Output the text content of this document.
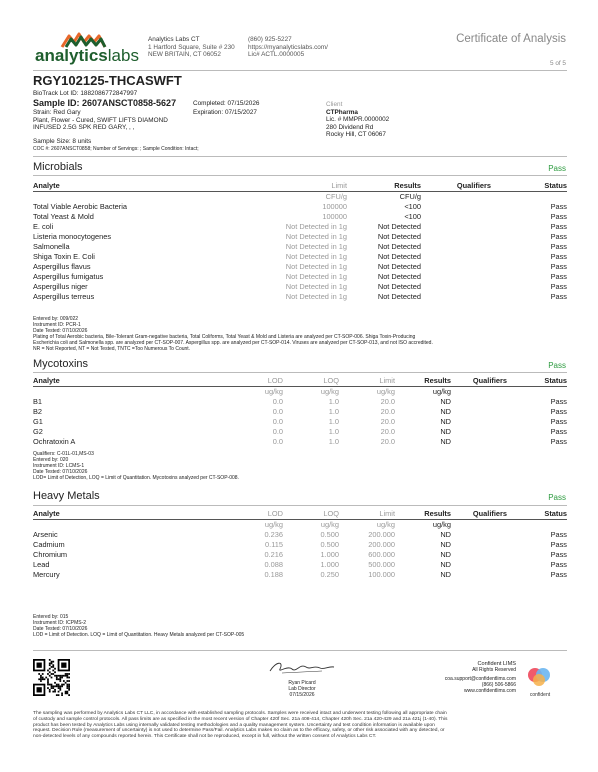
analyticslabs
Analytics Labs CT
1 Hartford Square, Suite # 230
NEW BRITAIN, CT 06052
(860) 925-5227
https://myanalyticslabs.com/
Lic# ACTL.0000005
Certificate of Analysis
5 of 5
RGY102125-THCASWFT
BioTrack Lot ID: 1882086772847997
Sample ID: 2607ANSCT0858-5627	Completed: 07/15/2026
Expiration: 07/15/2027
Strain: Red Gary
Plant, Flower - Cured, SWIFT LIFTS DIAMOND
INFUSED 2.5G SPK RED GARY, , ,
Sample Size: 8 units
COC #: 2607ANSCT0858; Number of Servings: ; Sample Condition: Intact;
Client
CTPharma
Lic. # MMPR.0000002
280 Dividend Rd
Rocky Hill, CT 06067
Microbials	Pass
Analyte	Limit	Results	Qualifiers	Status
	CFU/g	CFU/g		
Total Viable Aerobic Bacteria	100000	<100		Pass
Total Yeast & Mold	100000	<100		Pass
E. coli	Not Detected in 1g	Not Detected		Pass
Listeria monocytogenes	Not Detected in 1g	Not Detected		Pass
Salmonella	Not Detected in 1g	Not Detected		Pass
Shiga Toxin E. Coli	Not Detected in 1g	Not Detected		Pass
Aspergillus flavus	Not Detected in 1g	Not Detected		Pass
Aspergillus fumigatus	Not Detected in 1g	Not Detected		Pass
Aspergillus niger	Not Detected in 1g	Not Detected		Pass
Aspergillus terreus	Not Detected in 1g	Not Detected		Pass
Entered by: 009/022
Instrument ID: PCR-1
Date Tested: 07/10/2026
Plating of Total Aerobic bacteria, Bile-Tolerant Gram-negative bacteria, Total Coliforms, Total Yeast & Mold and Listeria are analyzed per CT-SOP-006. Shiga Toxin-Producing
Escherichia coli and Salmonella spp. are analyzed per CT-SOP-007. Aspergillus spp. are analyzed per CT-SOP-014. Viruses are analyzed per CT-SOP-013, and not ISO accredited.
NR = Not Reported, NT = Not Tested, TNTC =Too Numerous To Count.
Mycotoxins	Pass
Analyte	LOD	LOQ	Limit	Results	Qualifiers	Status
	ug/kg	ug/kg	ug/kg	ug/kg		
B1	0.0	1.0	20.0	ND		Pass
B2	0.0	1.0	20.0	ND		Pass
G1	0.0	1.0	20.0	ND		Pass
G2	0.0	1.0	20.0	ND		Pass
Ochratoxin A	0.0	1.0	20.0	ND		Pass
Qualifiers: C-01L-01,MS-03
Entered by: 020
Instrument ID: LCMS-1
Date Tested: 07/10/2026
LOD= Limit of Detection, LOQ = Limit of Quantitation. Mycotoxins analyzed per CT-SOP-008.
Heavy Metals	Pass
Analyte	LOD	LOQ	Limit	Results	Qualifiers	Status
	ug/kg	ug/kg	ug/kg	ug/kg		
Arsenic	0.236	0.500	200.000	ND		Pass
Cadmium	0.115	0.500	200.000	ND		Pass
Chromium	0.216	1.000	600.000	ND		Pass
Lead	0.088	1.000	500.000	ND		Pass
Mercury	0.188	0.250	100.000	ND		Pass
Entered by: 015
Instrument ID: ICPMS-2
Date Tested: 07/10/2026
LOD = Limit of Detection. LOQ = Limit of Quantitation. Heavy Metals analyzed per CT-SOP-005
Ryan Picard
Lab Director
07/15/2026
Confident LIMS
All Rights Reserved
coa.support@confidentlims.com
(866) 506-5866
www.confidentlims.com
confident
The sampling was performed by Analytics Labs CT LLC, in accordance with established sampling protocols. Samples were received intact and underwent testing following all appropriate chain
of custody and sample control protocols. All pass limits are as specified in the most recent version of Chapter 420f Sec. 21a 408-414, Chapter 420h Sec. 21a 420-429 and 21a 421j (1-40). This
product has been tested by Analytics Labs using internally validated testing methodologies and a quality management system. Uncertainty and test condition information is available upon
request. Decision Rule (measurement of uncertainty) is not used to determine Pass/Fail. Analytics Labs makes no claim as to the efficacy, safety, or other risk associated with any detected, or
non-detected levels of any compounds reported herein. This Certificate shall not be reproduced, except in full, without the written consent of Analytics Labs CT.
